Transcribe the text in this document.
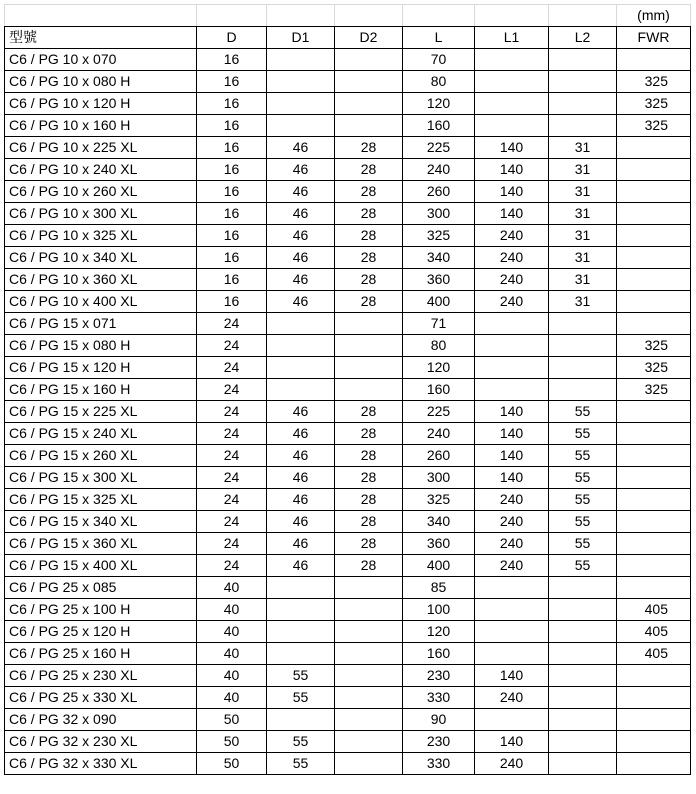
							(mm)
型號	D	D1	D2	L	L1	L2	FWR
C6 / PG 10 x 070	16			70			
C6 / PG 10 x 080 H	16			80			325
C6 / PG 10 x 120 H	16			120			325
C6 / PG 10 x 160 H	16			160			325
C6 / PG 10 x 225 XL	16	46	28	225	140	31	
C6 / PG 10 x 240 XL	16	46	28	240	140	31	
C6 / PG 10 x 260 XL	16	46	28	260	140	31	
C6 / PG 10 x 300 XL	16	46	28	300	140	31	
C6 / PG 10 x 325 XL	16	46	28	325	240	31	
C6 / PG 10 x 340 XL	16	46	28	340	240	31	
C6 / PG 10 x 360 XL	16	46	28	360	240	31	
C6 / PG 10 x 400 XL	16	46	28	400	240	31	
C6 / PG 15 x 071	24			71			
C6 / PG 15 x 080 H	24			80			325
C6 / PG 15 x 120 H	24			120			325
C6 / PG 15 x 160 H	24			160			325
C6 / PG 15 x 225 XL	24	46	28	225	140	55	
C6 / PG 15 x 240 XL	24	46	28	240	140	55	
C6 / PG 15 x 260 XL	24	46	28	260	140	55	
C6 / PG 15 x 300 XL	24	46	28	300	140	55	
C6 / PG 15 x 325 XL	24	46	28	325	240	55	
C6 / PG 15 x 340 XL	24	46	28	340	240	55	
C6 / PG 15 x 360 XL	24	46	28	360	240	55	
C6 / PG 15 x 400 XL	24	46	28	400	240	55	
C6 / PG 25 x 085	40			85			
C6 / PG 25 x 100 H	40			100			405
C6 / PG 25 x 120 H	40			120			405
C6 / PG 25 x 160 H	40			160			405
C6 / PG 25 x 230 XL	40	55		230	140		
C6 / PG 25 x 330 XL	40	55		330	240		
C6 / PG 32 x 090	50			90			
C6 / PG 32 x 230 XL	50	55		230	140		
C6 / PG 32 x 330 XL	50	55		330	240		
